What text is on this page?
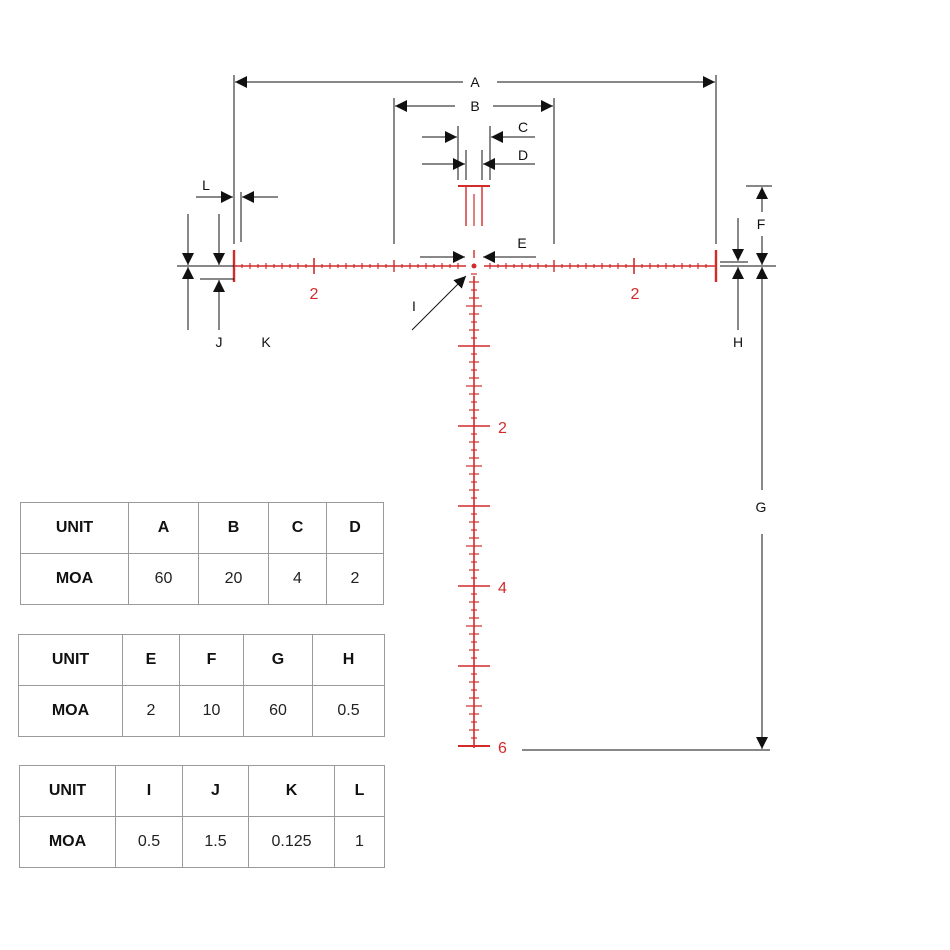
2	2
2
4
6
A
B
C
D
E
F
G
H
I
J	K
L
UNIT	A	B	C	D
MOA	60	20	4	2
UNIT	E	F	G	H
MOA	2	10	60	0.5
UNIT	I	J	K	L
MOA	0.5	1.5	0.125	1
